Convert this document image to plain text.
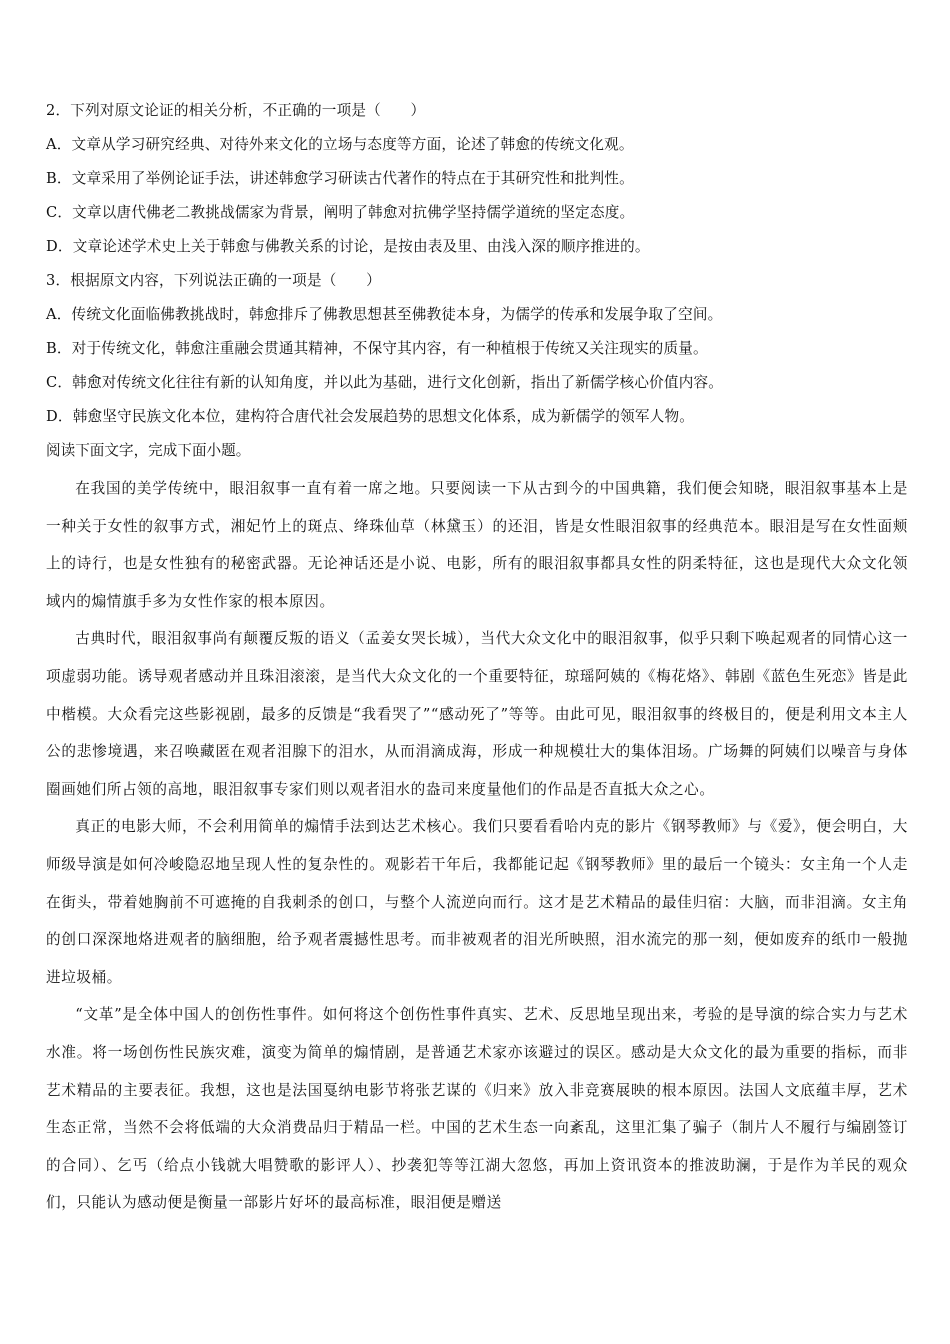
2．下列对原文论证的相关分析，不正确的一项是（　　）
A．文章从学习研究经典、对待外来文化的立场与态度等方面，论述了韩愈的传统文化观。
B．文章采用了举例论证手法，讲述韩愈学习研读古代著作的特点在于其研究性和批判性。
C．文章以唐代佛老二教挑战儒家为背景，阐明了韩愈对抗佛学坚持儒学道统的坚定态度。
D．文章论述学术史上关于韩愈与佛教关系的讨论，是按由表及里、由浅入深的顺序推进的。
3．根据原文内容，下列说法正确的一项是（　　）
A．传统文化面临佛教挑战时，韩愈排斥了佛教思想甚至佛教徒本身，为儒学的传承和发展争取了空间。
B．对于传统文化，韩愈注重融会贯通其精神，不保守其内容，有一种植根于传统又关注现实的质量。
C．韩愈对传统文化往往有新的认知角度，并以此为基础，进行文化创新，指出了新儒学核心价值内容。
D．韩愈坚守民族文化本位，建构符合唐代社会发展趋势的思想文化体系，成为新儒学的领军人物。
阅读下面文字，完成下面小题。

在我国的美学传统中，眼泪叙事一直有着一席之地。只要阅读一下从古到今的中国典籍，我们便会知晓，眼泪叙事基本上是一种关于女性的叙事方式，湘妃竹上的斑点、绛珠仙草（林黛玉）的还泪，皆是女性眼泪叙事的经典范本。眼泪是写在女性面颊上的诗行，也是女性独有的秘密武器。无论神话还是小说、电影，所有的眼泪叙事都具女性的阴柔特征，这也是现代大众文化领域内的煽情旗手多为女性作家的根本原因。

古典时代，眼泪叙事尚有颠覆反叛的语义（孟姜女哭长城），当代大众文化中的眼泪叙事，似乎只剩下唤起观者的同情心这一项虚弱功能。诱导观者感动并且珠泪滚滚，是当代大众文化的一个重要特征，琼瑶阿姨的《梅花烙》、韩剧《蓝色生死恋》皆是此中楷模。大众看完这些影视剧，最多的反馈是“我看哭了”“感动死了”等等。由此可见，眼泪叙事的终极目的，便是利用文本主人公的悲惨境遇，来召唤藏匿在观者泪腺下的泪水，从而涓滴成海，形成一种规模壮大的集体泪场。广场舞的阿姨们以噪音与身体圈画她们所占领的高地，眼泪叙事专家们则以观者泪水的盎司来度量他们的作品是否直抵大众之心。

真正的电影大师，不会利用简单的煽情手法到达艺术核心。我们只要看看哈内克的影片《钢琴教师》与《爱》，便会明白，大师级导演是如何冷峻隐忍地呈现人性的复杂性的。观影若干年后，我都能记起《钢琴教师》里的最后一个镜头：女主角一个人走在街头，带着她胸前不可遮掩的自我刺杀的创口，与整个人流逆向而行。这才是艺术精品的最佳归宿：大脑，而非泪滴。女主角的创口深深地烙进观者的脑细胞，给予观者震撼性思考。而非被观者的泪光所映照，泪水流完的那一刻，便如废弃的纸巾一般抛进垃圾桶。

“文革”是全体中国人的创伤性事件。如何将这个创伤性事件真实、艺术、反思地呈现出来，考验的是导演的综合实力与艺术水准。将一场创伤性民族灾难，演变为简单的煽情剧，是普通艺术家亦该避过的误区。感动是大众文化的最为重要的指标，而非艺术精品的主要表征。我想，这也是法国戛纳电影节将张艺谋的《归来》放入非竞赛展映的根本原因。法国人文底蕴丰厚，艺术生态正常，当然不会将低端的大众消费品归于精品一栏。中国的艺术生态一向紊乱，这里汇集了骗子（制片人不履行与编剧签订的合同）、乞丐（给点小钱就大唱赞歌的影评人）、抄袭犯等等江湖大忽悠，再加上资讯资本的推波助澜，于是作为羊民的观众们，只能认为感动便是衡量一部影片好坏的最高标准，眼泪便是赠送
